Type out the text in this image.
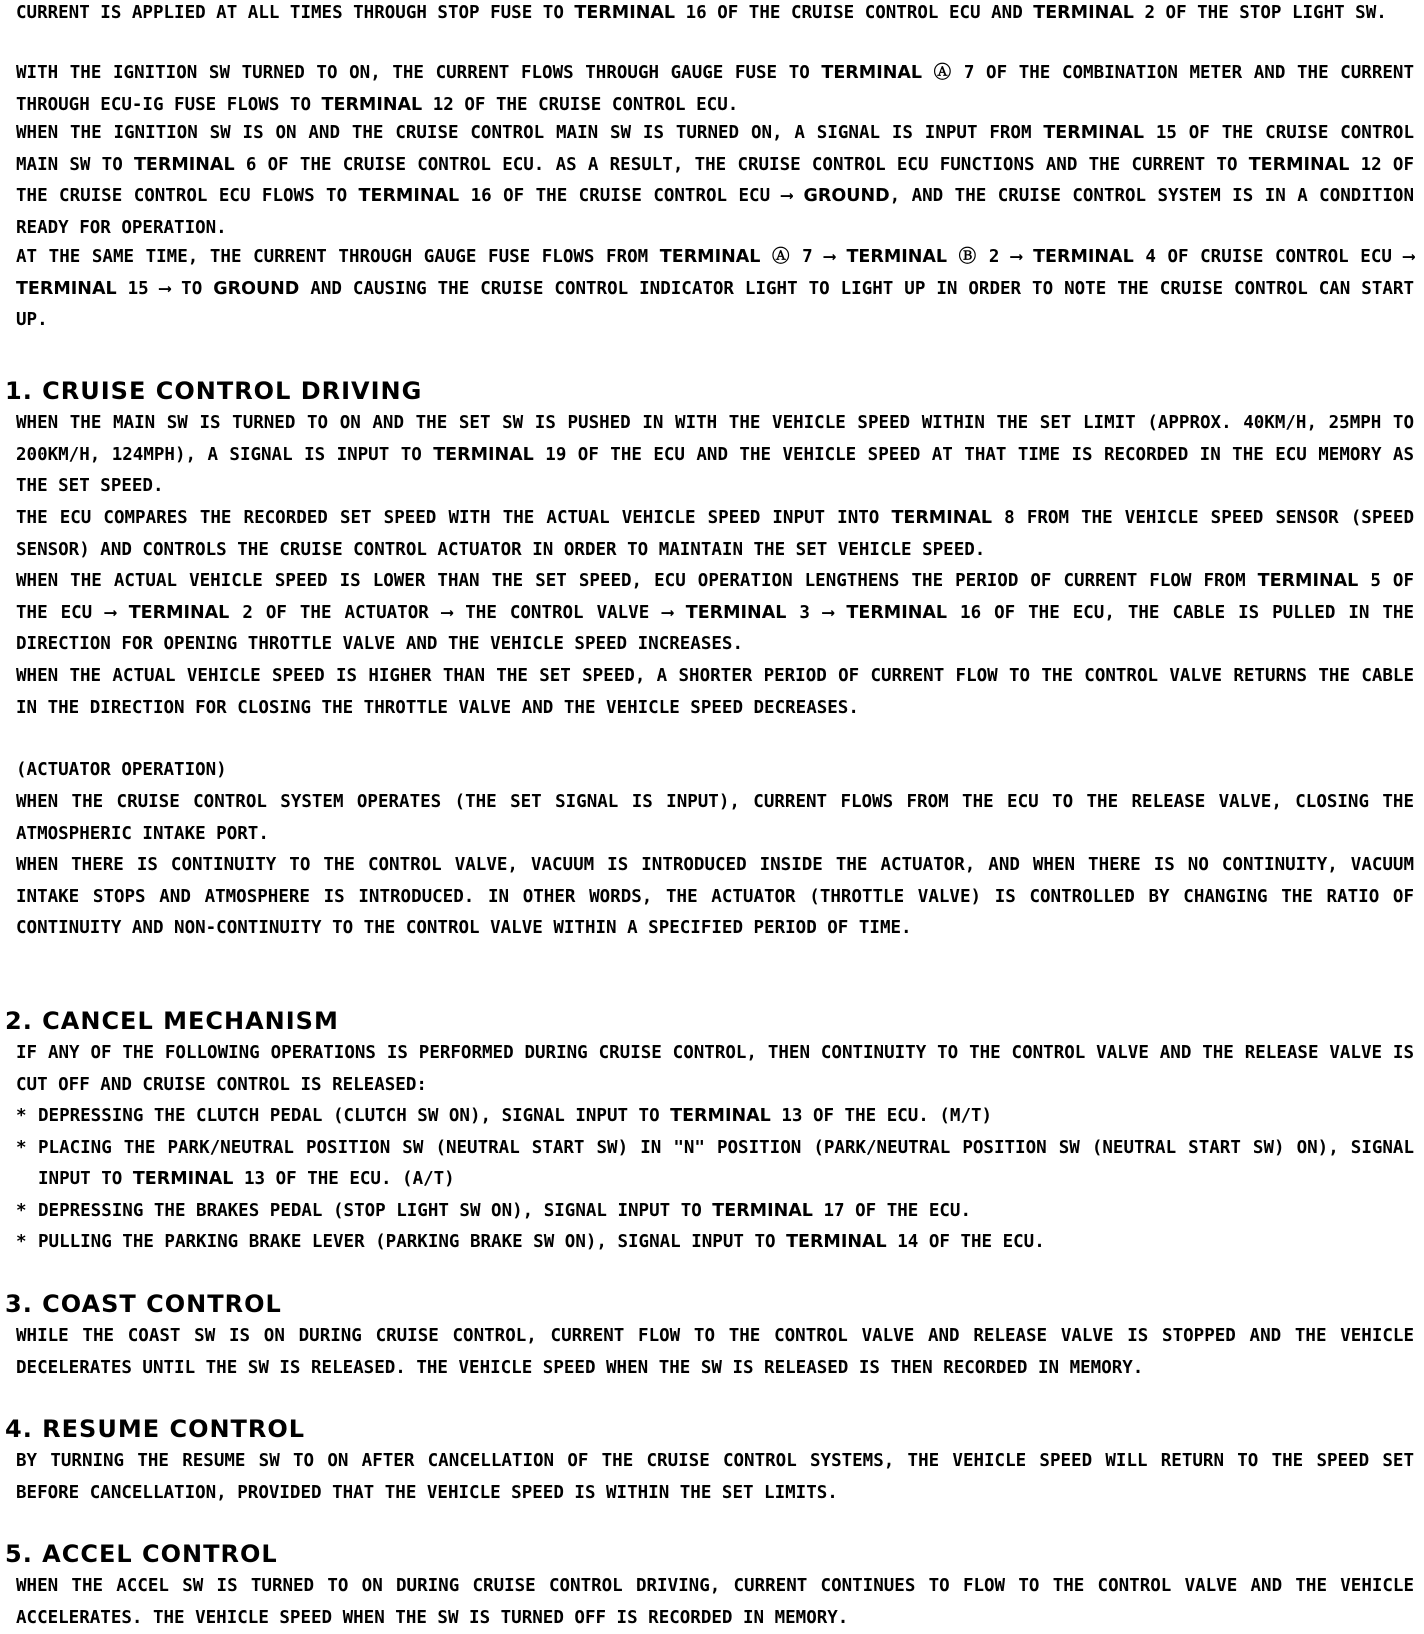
CURRENT IS APPLIED AT ALL TIMES THROUGH STOP FUSE TO TERMINAL 16 OF THE CRUISE CONTROL ECU AND TERMINAL 2 OF THE STOP LIGHT SW.

WITH THE IGNITION SW TURNED TO ON, THE CURRENT FLOWS THROUGH GAUGE FUSE TO TERMINAL Ⓐ 7 OF THE COMBINATION METER AND THE CURRENT THROUGH ECU-IG FUSE FLOWS TO TERMINAL 12 OF THE CRUISE CONTROL ECU.

WHEN THE IGNITION SW IS ON AND THE CRUISE CONTROL MAIN SW IS TURNED ON, A SIGNAL IS INPUT FROM TERMINAL 15 OF THE CRUISE CONTROL MAIN SW TO TERMINAL 6 OF THE CRUISE CONTROL ECU. AS A RESULT, THE CRUISE CONTROL ECU FUNCTIONS AND THE CURRENT TO TERMINAL 12 OF THE CRUISE CONTROL ECU FLOWS TO TERMINAL 16 OF THE CRUISE CONTROL ECU ⟶ GROUND, AND THE CRUISE CONTROL SYSTEM IS IN A CONDITION READY FOR OPERATION.

AT THE SAME TIME, THE CURRENT THROUGH GAUGE FUSE FLOWS FROM TERMINAL Ⓐ 7 ⟶ TERMINAL Ⓑ 2 ⟶ TERMINAL 4 OF CRUISE CONTROL ECU ⟶ TERMINAL 15 ⟶ TO GROUND AND CAUSING THE CRUISE CONTROL INDICATOR LIGHT TO LIGHT UP IN ORDER TO NOTE THE CRUISE CONTROL CAN START UP.

1. CRUISE CONTROL DRIVING

WHEN THE MAIN SW IS TURNED TO ON AND THE SET SW IS PUSHED IN WITH THE VEHICLE SPEED WITHIN THE SET LIMIT (APPROX. 40KM/H, 25MPH TO 200KM/H, 124MPH), A SIGNAL IS INPUT TO TERMINAL 19 OF THE ECU AND THE VEHICLE SPEED AT THAT TIME IS RECORDED IN THE ECU MEMORY AS THE SET SPEED.

THE ECU COMPARES THE RECORDED SET SPEED WITH THE ACTUAL VEHICLE SPEED INPUT INTO TERMINAL 8 FROM THE VEHICLE SPEED SENSOR (SPEED SENSOR) AND CONTROLS THE CRUISE CONTROL ACTUATOR IN ORDER TO MAINTAIN THE SET VEHICLE SPEED.

WHEN THE ACTUAL VEHICLE SPEED IS LOWER THAN THE SET SPEED, ECU OPERATION LENGTHENS THE PERIOD OF CURRENT FLOW FROM TERMINAL 5 OF THE ECU ⟶ TERMINAL 2 OF THE ACTUATOR ⟶ THE CONTROL VALVE ⟶ TERMINAL 3 ⟶ TERMINAL 16 OF THE ECU, THE CABLE IS PULLED IN THE DIRECTION FOR OPENING THROTTLE VALVE AND THE VEHICLE SPEED INCREASES.

WHEN THE ACTUAL VEHICLE SPEED IS HIGHER THAN THE SET SPEED, A SHORTER PERIOD OF CURRENT FLOW TO THE CONTROL VALVE RETURNS THE CABLE IN THE DIRECTION FOR CLOSING THE THROTTLE VALVE AND THE VEHICLE SPEED DECREASES.

(ACTUATOR OPERATION)

WHEN THE CRUISE CONTROL SYSTEM OPERATES (THE SET SIGNAL IS INPUT), CURRENT FLOWS FROM THE ECU TO THE RELEASE VALVE, CLOSING THE ATMOSPHERIC INTAKE PORT.

WHEN THERE IS CONTINUITY TO THE CONTROL VALVE, VACUUM IS INTRODUCED INSIDE THE ACTUATOR, AND WHEN THERE IS NO CONTINUITY, VACUUM INTAKE STOPS AND ATMOSPHERE IS INTRODUCED. IN OTHER WORDS, THE ACTUATOR (THROTTLE VALVE) IS CONTROLLED BY CHANGING THE RATIO OF CONTINUITY AND NON-CONTINUITY TO THE CONTROL VALVE WITHIN A SPECIFIED PERIOD OF TIME.

2. CANCEL MECHANISM

IF ANY OF THE FOLLOWING OPERATIONS IS PERFORMED DURING CRUISE CONTROL, THEN CONTINUITY TO THE CONTROL VALVE AND THE RELEASE VALVE IS CUT OFF AND CRUISE CONTROL IS RELEASED:

* DEPRESSING THE CLUTCH PEDAL (CLUTCH SW ON), SIGNAL INPUT TO TERMINAL 13 OF THE ECU. (M/T)
* PLACING THE PARK/NEUTRAL POSITION SW (NEUTRAL START SW) IN "N" POSITION (PARK/NEUTRAL POSITION SW (NEUTRAL START SW) ON), SIGNAL INPUT TO TERMINAL 13 OF THE ECU. (A/T)
* DEPRESSING THE BRAKES PEDAL (STOP LIGHT SW ON), SIGNAL INPUT TO TERMINAL 17 OF THE ECU.
* PULLING THE PARKING BRAKE LEVER (PARKING BRAKE SW ON), SIGNAL INPUT TO TERMINAL 14 OF THE ECU.
3. COAST CONTROL

WHILE THE COAST SW IS ON DURING CRUISE CONTROL, CURRENT FLOW TO THE CONTROL VALVE AND RELEASE VALVE IS STOPPED AND THE VEHICLE DECELERATES UNTIL THE SW IS RELEASED. THE VEHICLE SPEED WHEN THE SW IS RELEASED IS THEN RECORDED IN MEMORY.

4. RESUME CONTROL

BY TURNING THE RESUME SW TO ON AFTER CANCELLATION OF THE CRUISE CONTROL SYSTEMS, THE VEHICLE SPEED WILL RETURN TO THE SPEED SET BEFORE CANCELLATION, PROVIDED THAT THE VEHICLE SPEED IS WITHIN THE SET LIMITS.

5. ACCEL CONTROL

WHEN THE ACCEL SW IS TURNED TO ON DURING CRUISE CONTROL DRIVING, CURRENT CONTINUES TO FLOW TO THE CONTROL VALVE AND THE VEHICLE ACCELERATES. THE VEHICLE SPEED WHEN THE SW IS TURNED OFF IS RECORDED IN MEMORY.
